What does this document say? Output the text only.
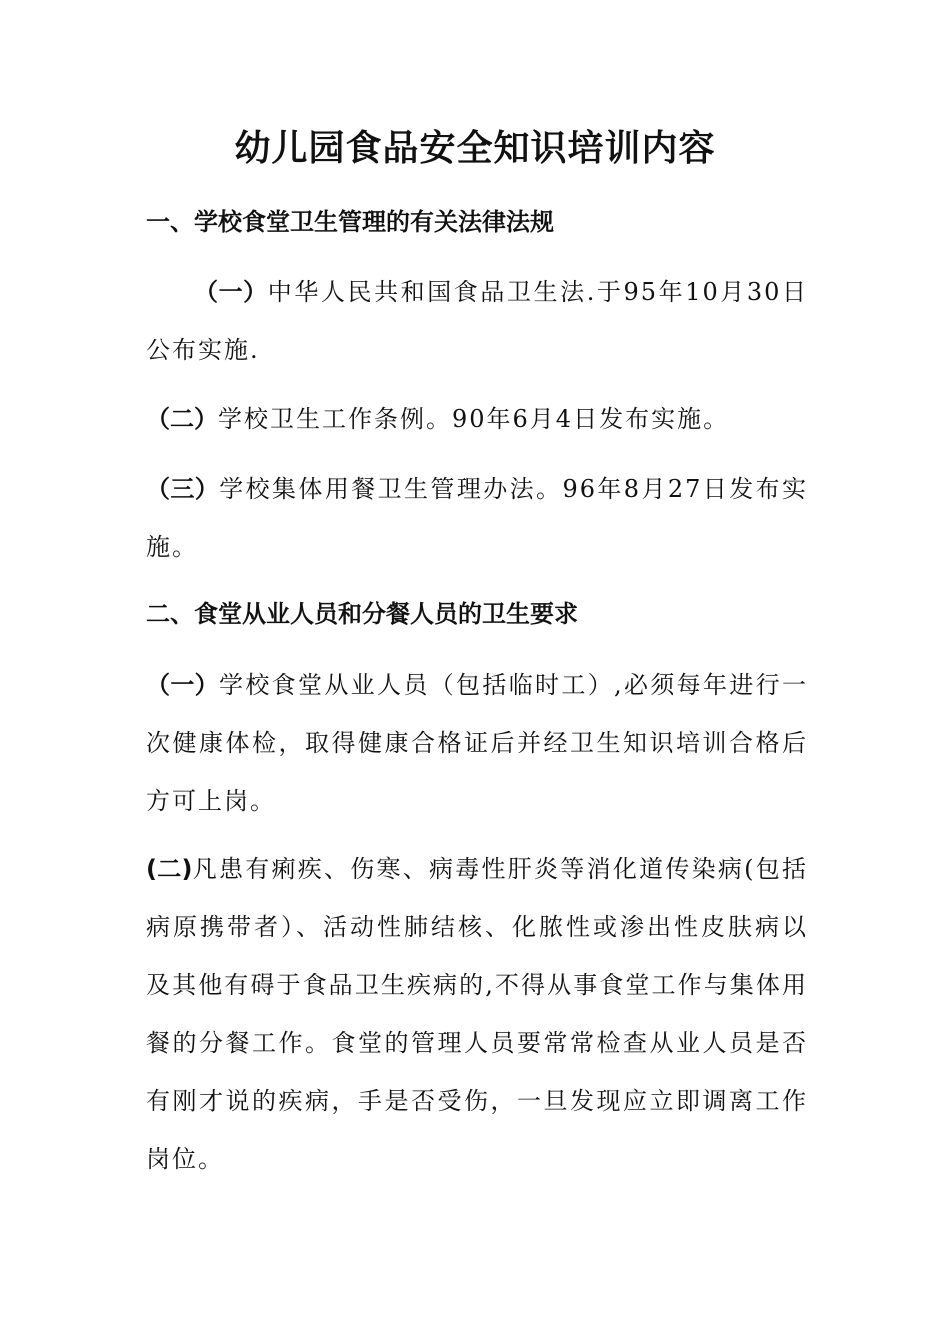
幼儿园食品安全知识培训内容
一、学校食堂卫生管理的有关法律法规
（一）中华人民共和国食品卫生法.于95年10月30日公布实施.
（二）学校卫生工作条例。90年6月4日发布实施。
（三）学校集体用餐卫生管理办法。96年8月27日发布实施。
二、食堂从业人员和分餐人员的卫生要求
（一）学校食堂从业人员（包括临时工）,必须每年进行一次健康体检，取得健康合格证后并经卫生知识培训合格后方可上岗。
(二)凡患有痢疾、伤寒、病毒性肝炎等消化道传染病(包括病原携带者）、活动性肺结核、化脓性或渗出性皮肤病以及其他有碍于食品卫生疾病的,不得从事食堂工作与集体用餐的分餐工作。食堂的管理人员要常常检查从业人员是否有刚才说的疾病，手是否受伤，一旦发现应立即调离工作岗位。
